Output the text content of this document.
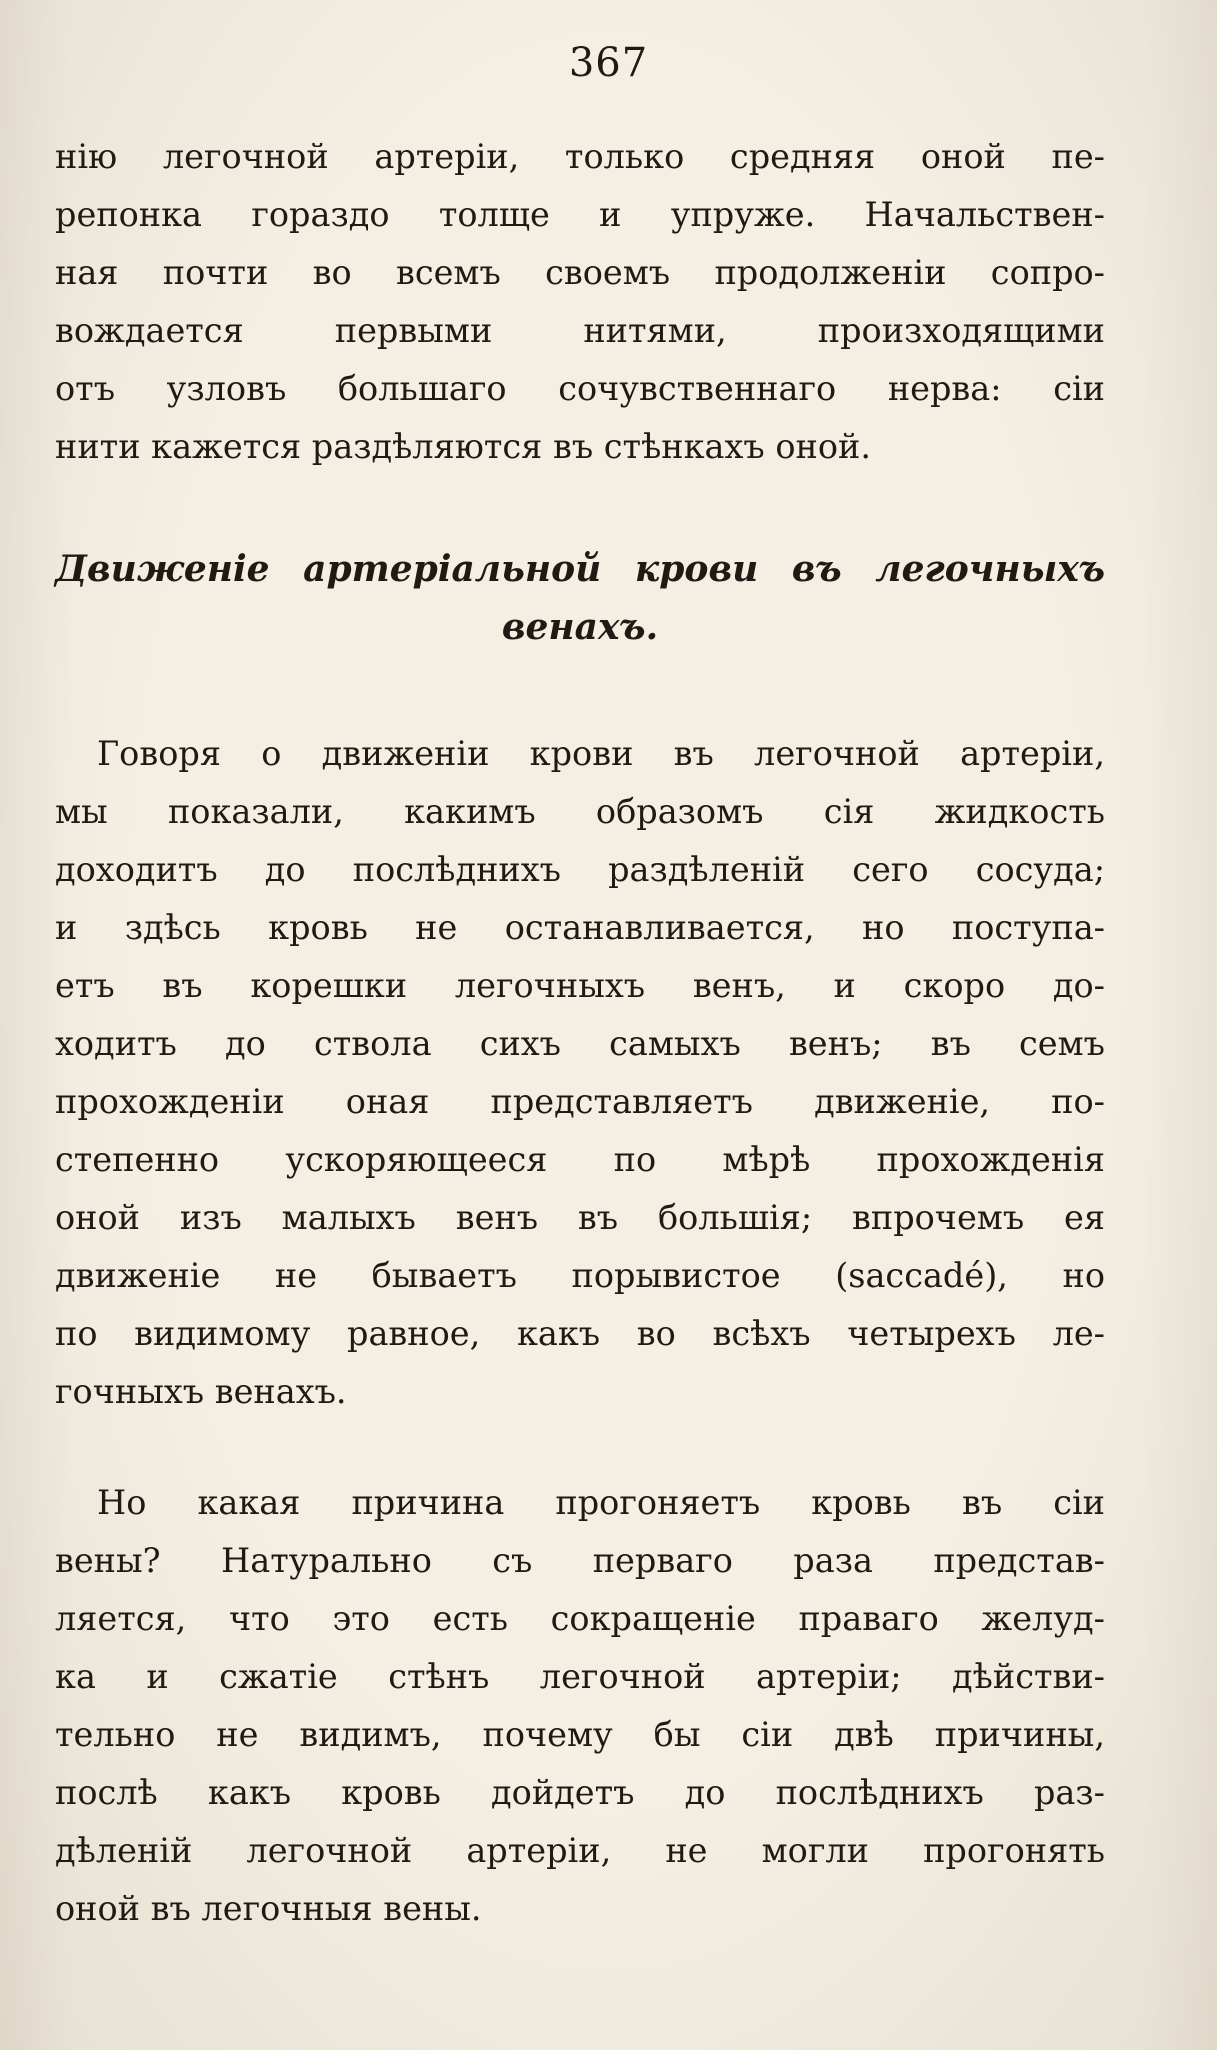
367
нію легочной артеріи, только средняя оной пе-
репонка гораздо толще и упруже. Начальствен-
ная почти во всемъ своемъ продолженіи сопро-
вождается первыми нитями, произходящими
отъ узловъ большаго сочувственнаго нерва: сіи
нити кажется раздѣляются въ стѣнкахъ оной.
Движеніе артеріальной крови въ легочныхъ
венахъ.
Говоря о движеніи крови въ легочной артеріи,
мы показали, какимъ образомъ сія жидкость
доходитъ до послѣднихъ раздѣленій сего сосуда;
и здѣсь кровь не останавливается, но поступа-
етъ въ корешки легочныхъ венъ, и скоро до-
ходитъ до ствола сихъ самыхъ венъ; въ семъ
прохожденіи оная представляетъ движеніе, по-
степенно ускоряющееся по мѣрѣ прохожденія
оной изъ малыхъ венъ въ большія; впрочемъ ея
движеніе не бываетъ порывистое (saccadé), но
по видимому равное, какъ во всѣхъ четырехъ ле-
гочныхъ венахъ.
Но какая причина прогоняетъ кровь въ сіи
вены? Натурально съ перваго раза представ-
ляется, что это есть сокращеніе праваго желуд-
ка и сжатіе стѣнъ легочной артеріи; дѣйстви-
тельно не видимъ, почему бы сіи двѣ причины,
послѣ какъ кровь дойдетъ до послѣднихъ раз-
дѣленій легочной артеріи, не могли прогонять
оной въ легочныя вены.
